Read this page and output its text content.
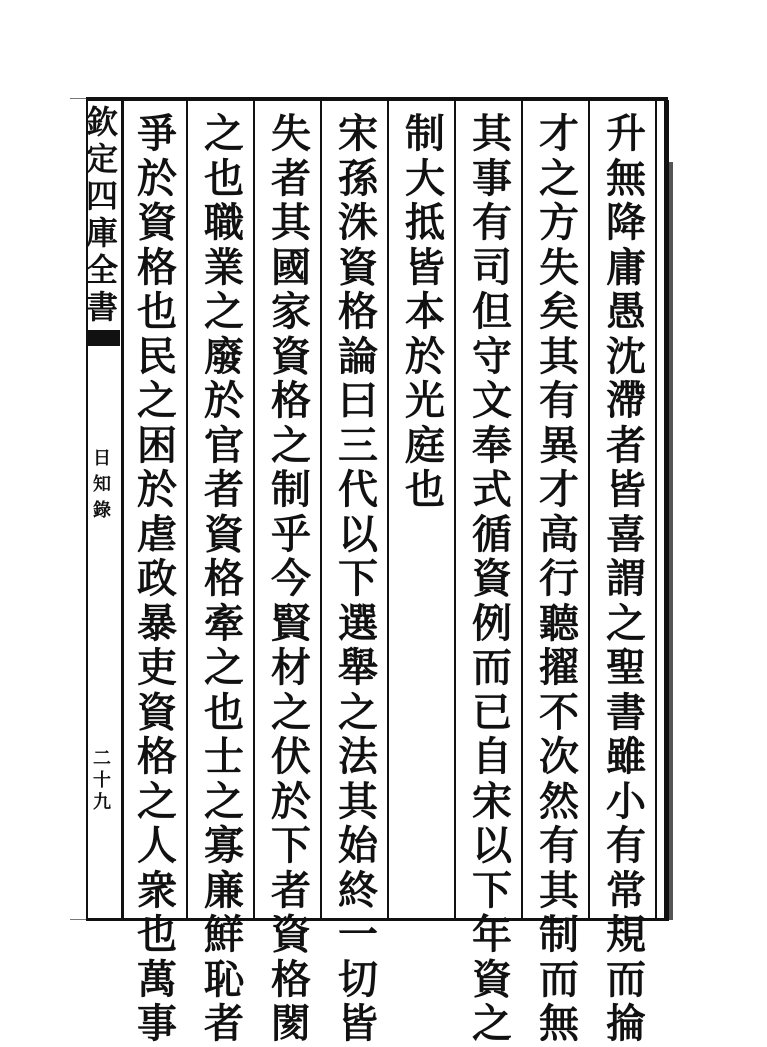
欽
定
四
庫
全
書
日
知
錄
二
十
九
升
無
降
庸
愚
沈
滯
者
皆
喜
謂
之
聖
書
雖
小
有
常
規
而
掄
才
之
方
失
矣
其
有
異
才
高
行
聽
擢
不
次
然
有
其
制
而
無
其
事
有
司
但
守
文
奉
式
循
資
例
而
已
自
宋
以
下
年
資
之
制
大
抵
皆
本
於
光
庭
也
宋
孫
洙
資
格
論
曰
三
代
以
下
選
舉
之
法
其
始
終
一
切
皆
失
者
其
國
家
資
格
之
制
乎
今
賢
材
之
伏
於
下
者
資
格
閡
之
也
職
業
之
廢
於
官
者
資
格
牽
之
也
士
之
寡
廉
鮮
恥
者
爭
於
資
格
也
民
之
困
於
虐
政
暴
吏
資
格
之
人
衆
也
萬
事
